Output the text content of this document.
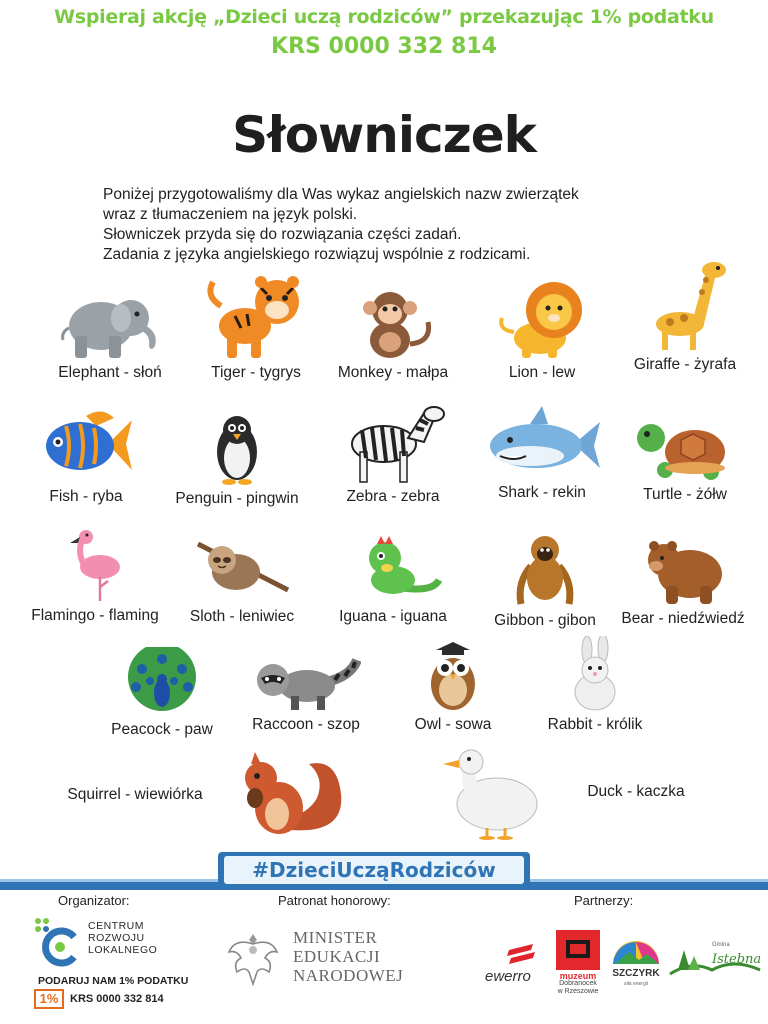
Wspieraj akcję „Dzieci uczą rodziców” przekazując 1% podatku
KRS 0000 332 814
Słowniczek
Poniżej przygotowaliśmy dla Was wykaz angielskich nazw zwierzątek
wraz z tłumaczeniem na język polski.
Słowniczek przyda się do rozwiązania części zadań.
Zadania z języka angielskiego rozwiązuj wspólnie z rodzicami.
Elephant - słoń	Tiger - tygrys	Monkey - małpa	Lion - lew	Giraffe - żyrafa
Fish - ryba	Penguin - pingwin	Zebra - zebra	Shark - rekin	Turtle - żółw
Flamingo - flaming	Sloth - leniwiec	Iguana - iguana	Gibbon - gibon	Bear - niedźwiedź
Peacock - paw	Raccoon - szop	Owl - sowa	Rabbit - królik
Squirrel - wiewiórka	Duck - kaczka
#DzieciUcząRodziców
Organizator:	Patronat honorowy:	Partnerzy:
CENTRUM
ROZWOJU
LOKALNEGO
PODARUJ NAM 1% PODATKU
1%	KRS 0000 332 814
MINISTER
EDUKACJI
NARODOWEJ	ewerro	muzeum
Dobranocek
w Rzeszowie
SZCZYRK
siła energii
Gmina
Istebna
